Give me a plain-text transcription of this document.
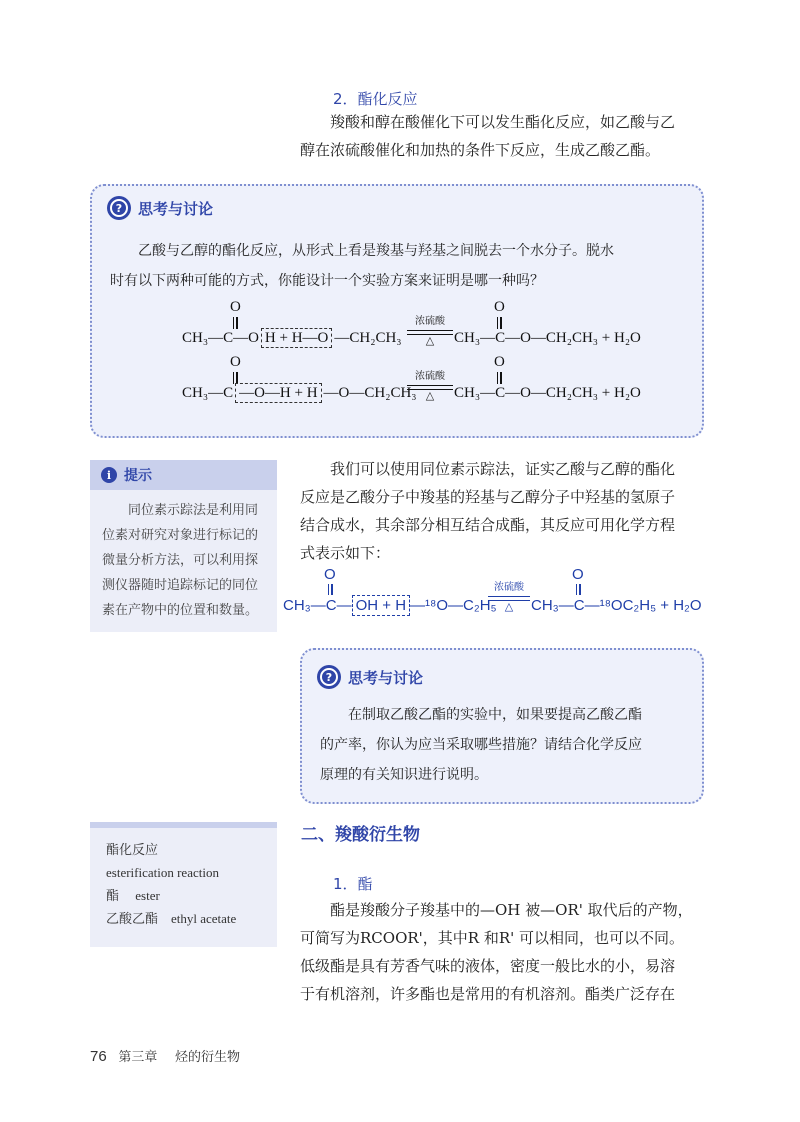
2．酯化反应

羧酸和醇在酸催化下可以发生酯化反应，如乙酸与乙

醇在浓硫酸催化和加热的条件下反应，生成乙酸乙酯。

? 思考与讨论
乙酸与乙醇的酯化反应，从形式上看是羧基与羟基之间脱去一个水分子。脱水
时有以下两种可能的方式，你能设计一个实验方案来证明是哪一种吗？
O
CH₃—C—O H + H—O —CH₂CH₃
浓硫酸
△
O
CH₃—C—O—CH₂CH₃ + H₂O
O
CH₃—C —O—H + H —O—CH₂CH₃
浓硫酸
△
O
CH₃—C—O—CH₂CH₃ + H₂O
i 提示

同位素示踪法是利用同

位素对研究对象进行标记的
微量分析方法，可以利用探
测仪器随时追踪标记的同位
素在产物中的位置和数量。

我们可以使用同位素示踪法，证实乙酸与乙醇的酯化

反应是乙酸分子中羧基的羟基与乙醇分子中羟基的氢原子

结合成水，其余部分相互结合成酯，其反应可用化学方程

式表示如下：

O
CH₃—C— OH + H —¹⁸O—C₂H₅
浓硫酸
△
O
CH₃—C—¹⁸OC₂H₅ + H₂O
? 思考与讨论
在制取乙酸乙酯的实验中，如果要提高乙酸乙酯
的产率，你认为应当采取哪些措施？请结合化学反应
原理的有关知识进行说明。
酯化反应
esterification reaction
酯　 ester
乙酸乙酯　ethyl acetate
二、羧酸衍生物
1．酯

酯是羧酸分子羧基中的—OH 被—OR' 取代后的产物，

可简写为RCOOR'，其中R 和R' 可以相同，也可以不同。

低级酯是具有芳香气味的液体，密度一般比水的小，易溶

于有机溶剂，许多酯也是常用的有机溶剂。酯类广泛存在

76 第三章 烃的衍生物
